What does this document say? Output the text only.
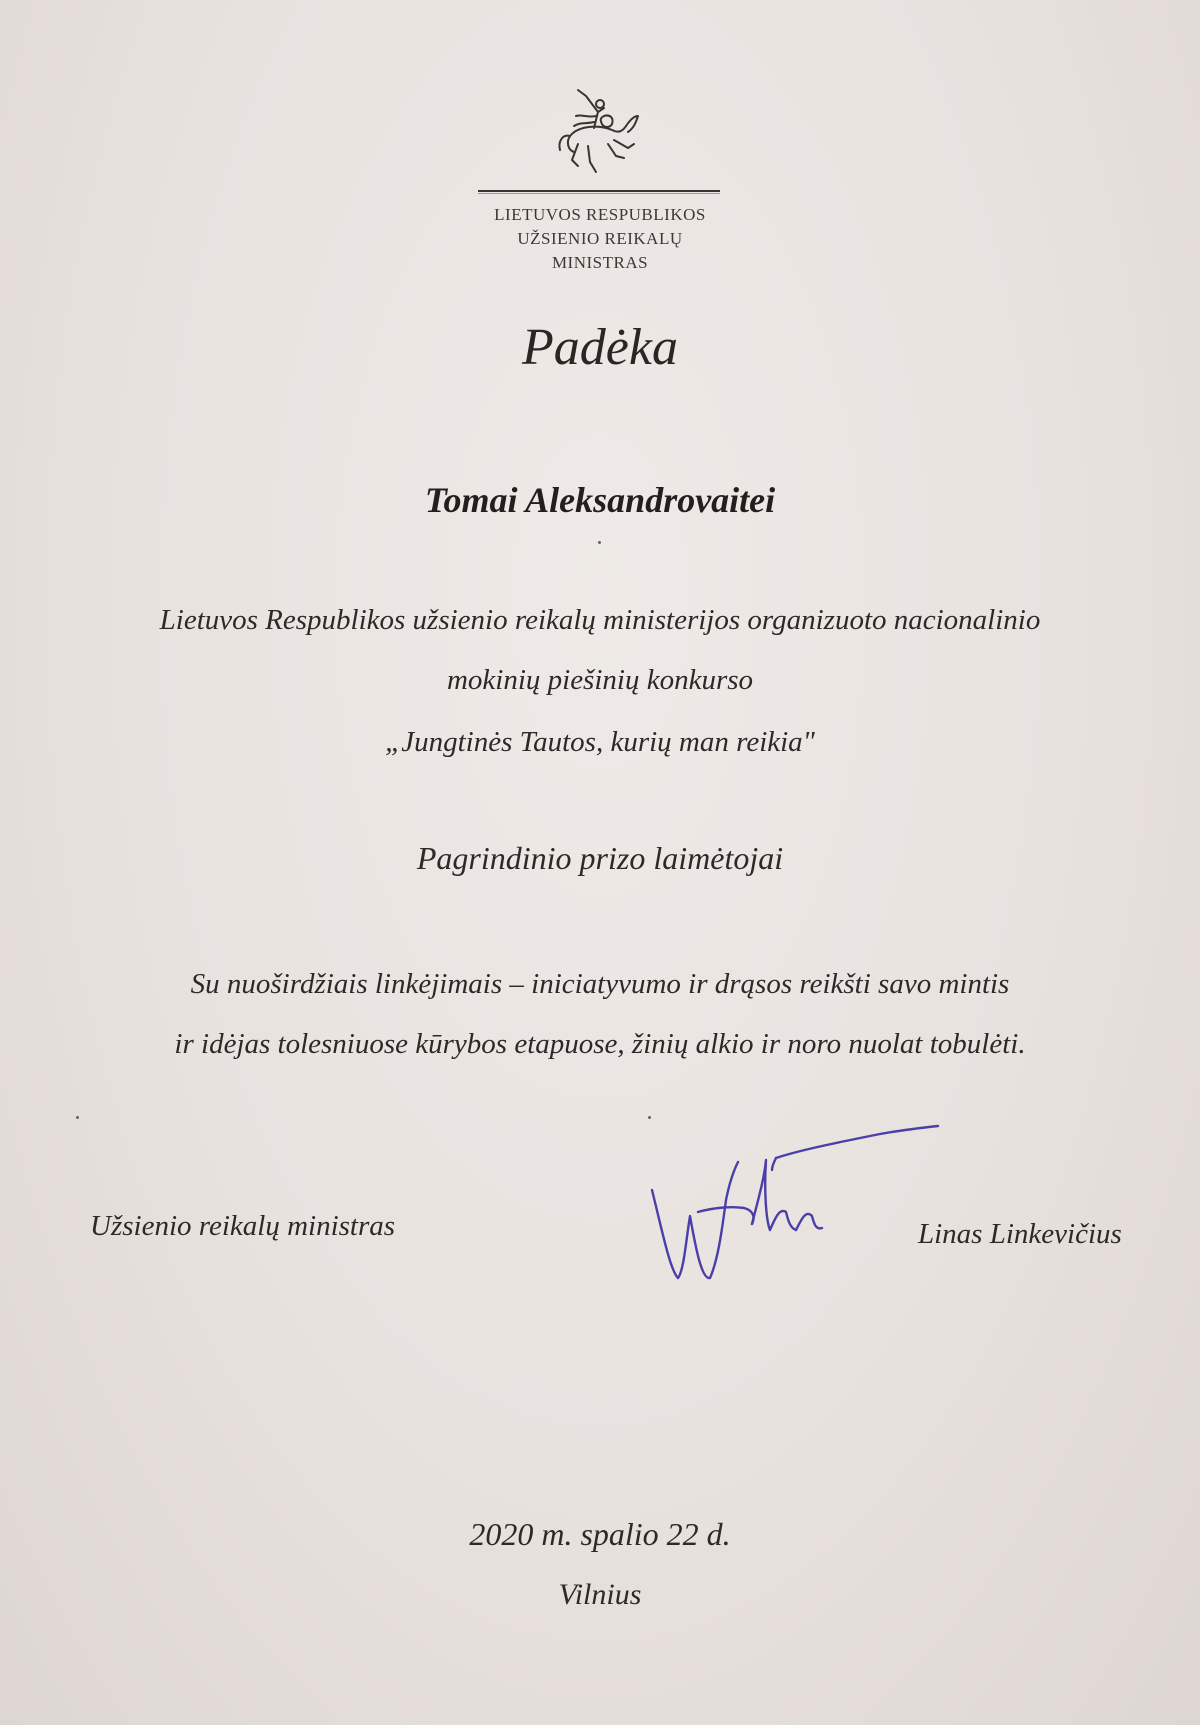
LIETUVOS RESPUBLIKOS
UŽSIENIO REIKALŲ
MINISTRAS
Padėka
Tomai Aleksandrovaitei
Lietuvos Respublikos užsienio reikalų ministerijos organizuoto nacionalinio
mokinių piešinių konkurso
„Jungtinės Tautos, kurių man reikia"
Pagrindinio prizo laimėtojai
Su nuoširdžiais linkėjimais – iniciatyvumo ir drąsos reikšti savo mintis
ir idėjas tolesniuose kūrybos etapuose, žinių alkio ir noro nuolat tobulėti.
Užsienio reikalų ministras	Linas Linkevičius
2020 m. spalio 22 d.
Vilnius
